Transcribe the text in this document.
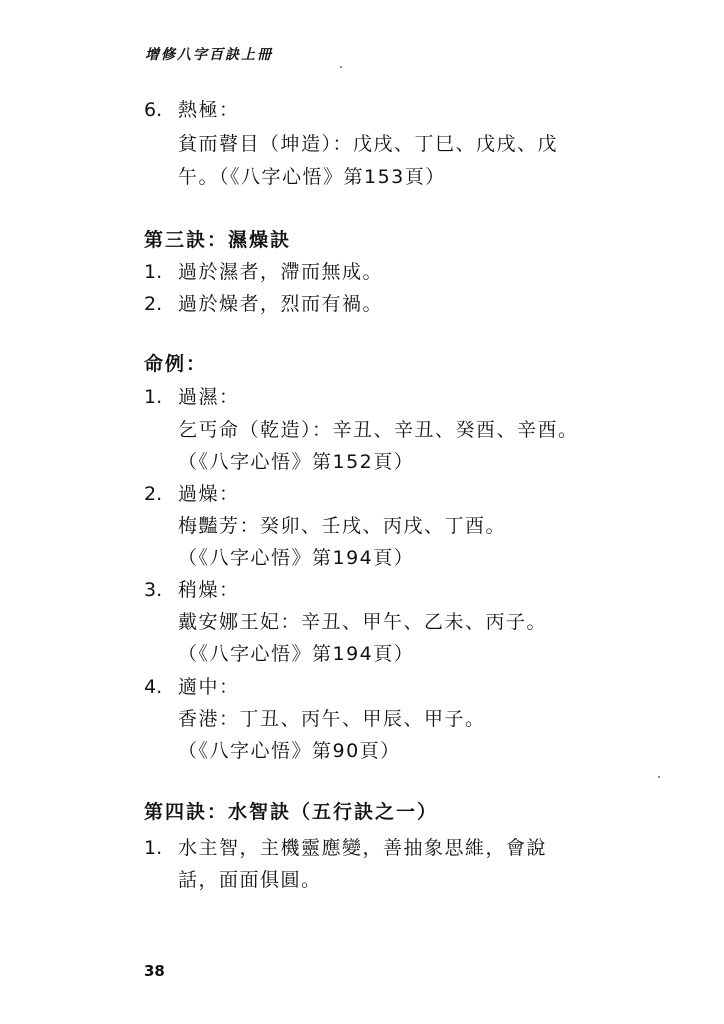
增修八字百訣上冊
6. 熱極：
貧而瞽目（坤造）：戊戌、丁巳、戊戌、戊
午。（《八字心悟》第153頁）
第三訣：濕燥訣
1. 過於濕者，滯而無成。
2. 過於燥者，烈而有禍。
命例：
1. 過濕：
乞丐命（乾造）：辛丑、辛丑、癸酉、辛酉。
（《八字心悟》第152頁）
2. 過燥：
梅豔芳：癸卯、壬戌、丙戌、丁酉。
（《八字心悟》第194頁）
3. 稍燥：
戴安娜王妃：辛丑、甲午、乙未、丙子。
（《八字心悟》第194頁）
4. 適中：
香港：丁丑、丙午、甲辰、甲子。
（《八字心悟》第90頁）
第四訣：水智訣（五行訣之一）
1. 水主智，主機靈應變，善抽象思維，會說
話，面面俱圓。
38
